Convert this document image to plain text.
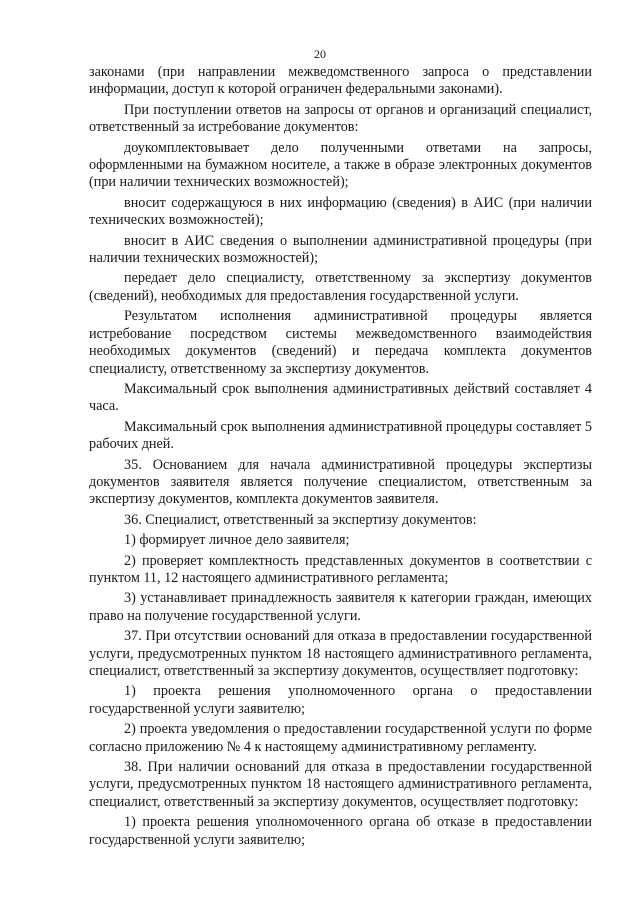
20

законами (при направлении межведомственного запроса о представлении информации, доступ к которой ограничен федеральными законами).

При поступлении ответов на запросы от органов и организаций специалист, ответственный за истребование документов:

доукомплектовывает дело полученными ответами на запросы, оформленными на бумажном носителе, а также в образе электронных документов (при наличии технических возможностей);

вносит содержащуюся в них информацию (сведения) в АИС (при наличии технических возможностей);

вносит в АИС сведения о выполнении административной процедуры (при наличии технических возможностей);

передает дело специалисту, ответственному за экспертизу документов (сведений), необходимых для предоставления государственной услуги.

Результатом исполнения административной процедуры является истребование посредством системы межведомственного взаимодействия необходимых документов (сведений) и передача комплекта документов специалисту, ответственному за экспертизу документов.

Максимальный срок выполнения административных действий составляет 4 часа.

Максимальный срок выполнения административной процедуры составляет 5 рабочих дней.

35. Основанием для начала административной процедуры экспертизы документов заявителя является получение специалистом, ответственным за экспертизу документов, комплекта документов заявителя.

36. Специалист, ответственный за экспертизу документов:

1) формирует личное дело заявителя;

2) проверяет комплектность представленных документов в соответствии с пунктом 11, 12 настоящего административного регламента;

3) устанавливает принадлежность заявителя к категории граждан, имеющих право на получение государственной услуги.

37. При отсутствии оснований для отказа в предоставлении государственной услуги, предусмотренных пунктом 18 настоящего административного регламента, специалист, ответственный за экспертизу документов, осуществляет подготовку:

1) проекта решения уполномоченного органа о предоставлении государственной услуги заявителю;

2) проекта уведомления о предоставлении государственной услуги по форме согласно приложению № 4 к настоящему административному регламенту.

38. При наличии оснований для отказа в предоставлении государственной услуги, предусмотренных пунктом 18 настоящего административного регламента, специалист, ответственный за экспертизу документов, осуществляет подготовку:

1) проекта решения уполномоченного органа об отказе в предоставлении государственной услуги заявителю;
